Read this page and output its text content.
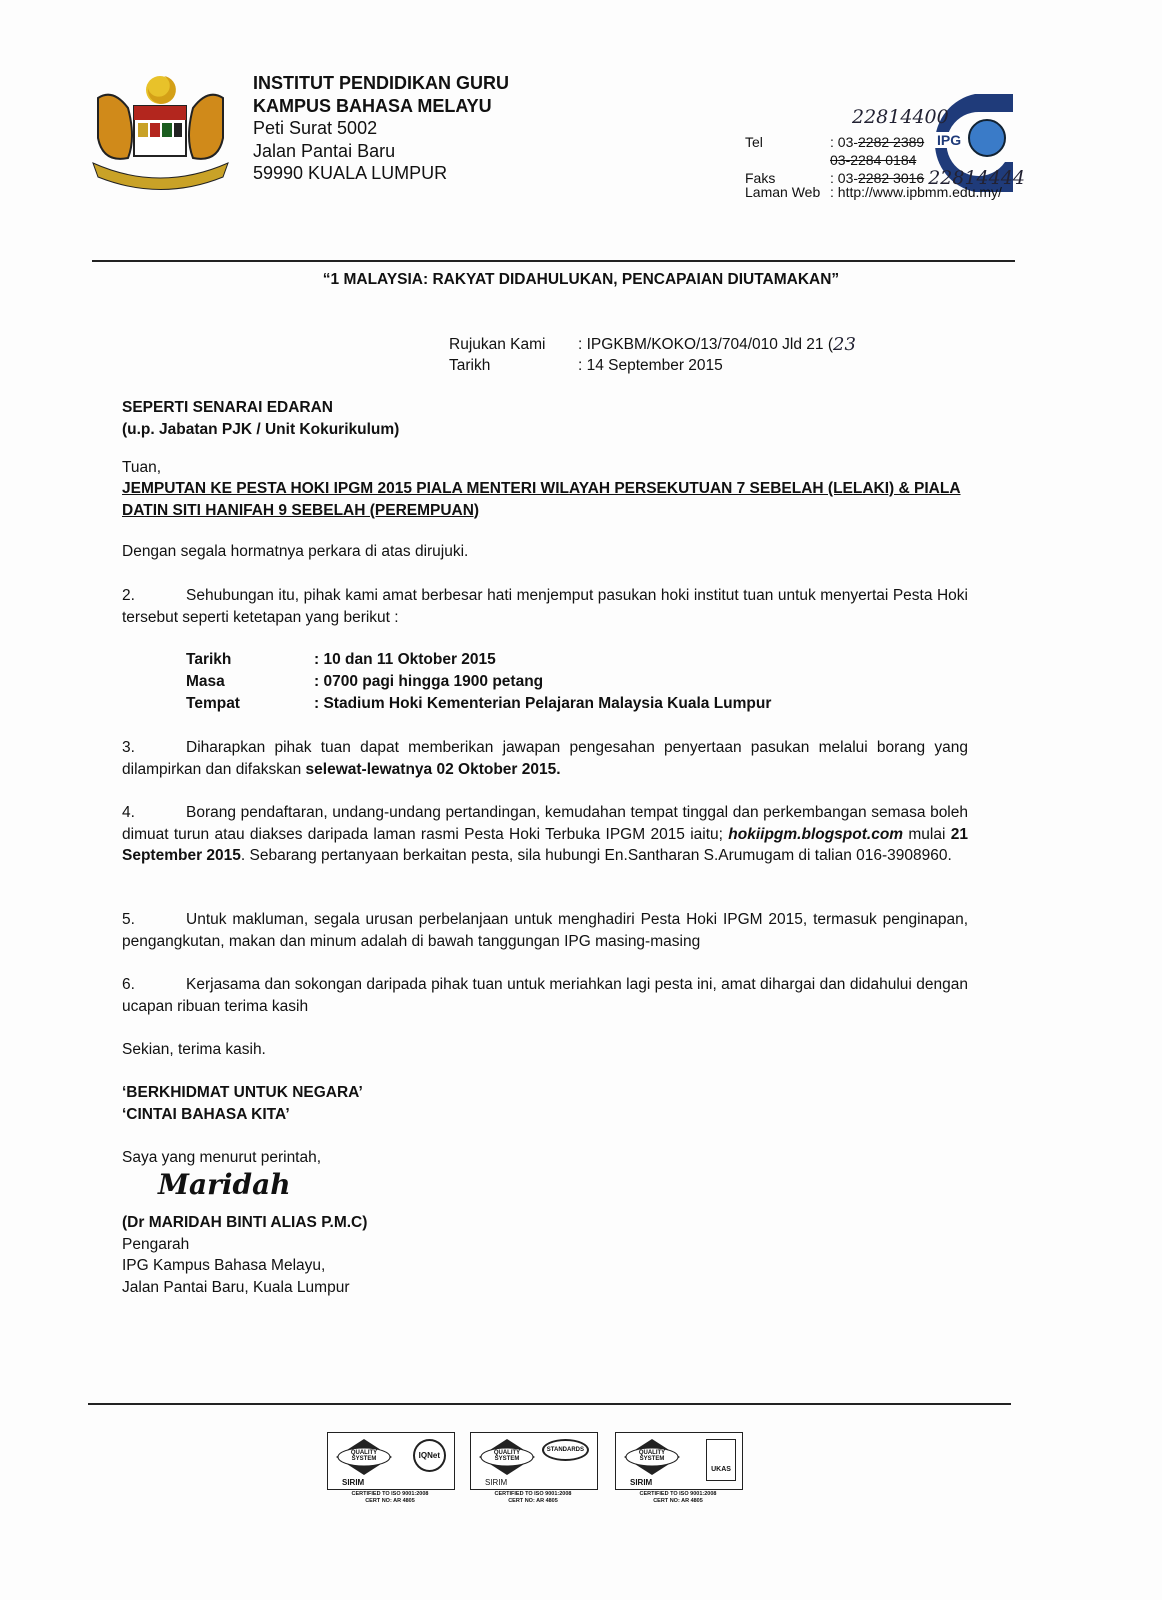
INSTITUT PENDIDIKAN GURU
KAMPUS BAHASA MELAYU
Peti Surat 5002
Jalan Pantai Baru
59990 KUALA LUMPUR
IPG
22814400
Tel	: 03- 2282 2389
03-2284 0184
Faks	: 03- 2282 3016 22814444
Laman Web : http://www.ipbmm.edu.my/
“1 MALAYSIA: RAKYAT DIDAHULUKAN, PENCAPAIAN DIUTAMAKAN”
Rujukan Kami	: IPGKBM/KOKO/13/704/010 Jld 21 ( 23
Tarikh	: 14 September 2015
SEPERTI SENARAI EDARAN
(u.p. Jabatan PJK / Unit Kokurikulum)
Tuan,
JEMPUTAN KE PESTA HOKI IPGM 2015 PIALA MENTERI WILAYAH PERSEKUTUAN 7 SEBELAH (LELAKI) & PIALA DATIN SITI HANIFAH 9 SEBELAH (PEREMPUAN)
Dengan segala hormatnya perkara di atas dirujuki.
2.	Sehubungan itu, pihak kami amat berbesar hati menjemput pasukan hoki institut tuan untuk menyertai Pesta Hoki tersebut seperti ketetapan yang berikut :
Tarikh	: 10 dan 11 Oktober 2015
Masa	: 0700 pagi hingga 1900 petang
Tempat	: Stadium Hoki Kementerian Pelajaran Malaysia Kuala Lumpur
3.	Diharapkan pihak tuan dapat memberikan jawapan pengesahan penyertaan pasukan melalui borang yang dilampirkan dan difakskan selewat-lewatnya 02 Oktober 2015.
4.	Borang pendaftaran, undang-undang pertandingan, kemudahan tempat tinggal dan perkembangan semasa boleh dimuat turun atau diakses daripada laman rasmi Pesta Hoki Terbuka IPGM 2015 iaitu; hokiipgm.blogspot.com mulai 21 September 2015. Sebarang pertanyaan berkaitan pesta, sila hubungi En.Santharan S.Arumugam di talian 016-3908960.
5.	Untuk makluman, segala urusan perbelanjaan untuk menghadiri Pesta Hoki IPGM 2015, termasuk penginapan, pengangkutan, makan dan minum adalah di bawah tanggungan IPG masing-masing
6.	Kerjasama dan sokongan daripada pihak tuan untuk meriahkan lagi pesta ini, amat dihargai dan didahului dengan ucapan ribuan terima kasih
Sekian, terima kasih.
‘BERKHIDMAT UNTUK NEGARA’
‘CINTAI BAHASA KITA’
Saya yang menurut perintah,
Maridah
(Dr MARIDAH BINTI ALIAS P.M.C)
Pengarah
IPG Kampus Bahasa Melayu,
Jalan Pantai Baru, Kuala Lumpur
QUALITY SYSTEM
SIRIM
IQNet
CERTIFIED TO ISO 9001:2008
CERT NO: AR 4805
QUALITY SYSTEM
SIRIM
STANDARDS
CERTIFIED TO ISO 9001:2008
CERT NO: AR 4805
QUALITY SYSTEM
SIRIM
UKAS
CERTIFIED TO ISO 9001:2008
CERT NO: AR 4805
